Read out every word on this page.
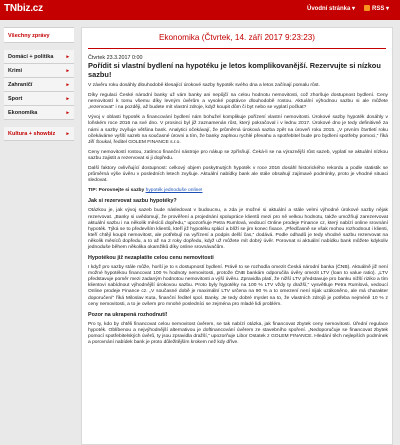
TNbiz.cz	Úvodní stránka ▾	RSS ▾
Všechny zprávy
Domácí + politika	▸
Krimi	▸
Zahraničí	▸
Sport	▸
Ekonomika	▸
Kultura + showbiz ▸
Ekonomika (Čtvrtek, 14. září 2017 9:23:23)
Čtvrtek 23.3.2017 0:00
Pořídit si vlastní bydlení na hypotéku je letos komplikovanější. Rezervujte si nízkou sazbu!

V závěru roku dosáhly dlouhodobě klesající úrokové sazby hypoték svého dna a letos začínají pomalu růst.

Díky regulaci České národní banky už vám banky ani nepůjčí na celou hodnotu nemovitosti, což zhoršuje dostupnost bydlení. Ceny nemovitostí k tomu všemu díky levným úvěrům a vysoké poptávce dlouhodobě rostou. Aktuální výhodnou sazbu si ale můžete „rezervovat“ i na později, až budete mít vlastní zdroje, když koupit dům či byt nebo se vyplatí počkat?

Vývoj v oblasti hypoték a financování bydlení nám bohužel komplikuje pořízení vlastní nemovitosti. Úrokové sazby hypoték dosáhly v loňském roce 2016 na své dno. V prosinci byl již zaznamenán růst, který pokračoval i v lednu 2017. Úrokové dno je tedy definitivně za námi a sazby zvyšuje většina bank. Analytici očekávají, že průměrná úroková sazba zpět na úroveň roku 2015. „V prvním čtvrtletí roku očekáváme vyšší sazeb na současné úrovni a tím, že banky zaplnou rychlé převahu a spotřebitel bude pro bydlení spotřeby pomoci,“ říká Jiří Šoukal, ředitel GOLEM FINANCE s.r.o.

Ceny nemovitostí rostou, zatímco finanční nástroje pro nákup se zpřísňují. Čeká-li se na výraznější růst sazeb, vyplatí se aktuální nízkou sazbu zajistit a rezervovat si ji dopředu.

Další faktory ovlivňující dostupnost: celkový objem poskytnutých hypoték v roce 2016 dosáhl historického rekordu a podle statistik se průměrná výše úvěru v posledních letech zvyšuje. Aktuální nabídky bank ale stále obsahují zajímavé podmínky, proto je vhodné situaci sledovat.

TIP: Porovnejte si sazby hypoték jednoduše online!

Jak si rezervovat sazbu hypotéky?

Otázkou je, jak vývoj sazeb bude následovat v budoucnu, a zda je možné si aktuální a stále velmi výhodné úrokové sazby nějak rezervovat. „Banky si uvědomují, že prověření a projednání spolupráce klientů mezi pro ně velkou hodnotu, takže umožňují zarezervovat aktuální sazbu i na několik měsíců dopředu,“ upozorňuje Petra Rumlová, vedoucí Online prodeje Finance cz, který nabízí online srovnání hypoték. Týká se to především klientů, kteří již hypotéku splácí a blíží se jim konec fixace. „Předčasně se však mohou rozhodnout i klienti, kteří chtějí koupit nemovitost, ale potřebují na vyřízení a podpis delší čas,“ dodává. Podle odhadů je tedy vhodné sazbu rezervovat na několik měsíců dopředu, a to až na 2 roky dopředu, když už můžete mít dobrý úvěr. Porovnat si aktuální nabídku bank můžete kdykoliv jednoduše během několika okamžiků díky online srovnávačům.

Hypotékou již nezaplatíte celou cenu nemovitosti

I když pro sazby stále může, horší je to s dostupností bydlení. Právě to se rozhodla omezit Česká národní banka (ČNB). Aktuálně již není možné hypotékou financovat 100 % hodnoty nemovitosti, protože ČNB bankám odporučila úvěry omezit LTV (loan to value ratio). „LTV představuje poměr mezi zadaným hodnotou nemovitosti a výší úvěru. Zpravidla platí, že nižší LTV představuje pro banku nižší riziko a tím klientovi nabídnout výhodnější úrokovou sazbu. Proto byly hypotéky na 100 % LTV vždy ty dražší,“ vysvětluje Petra Rumlová, vedoucí Online prodeje Finance cz. „V současné době je maximální LTV určena na 90 % a to omezení není nijak uzákoněno, ale má charakter doporučení“ říká Miloslav Kuta, finanční ředitel spol. Banky. Je tedy dobré myslet na to, že vlastních zdrojů je potřeba nejméně 10 % z ceny nemovitosti, a to je ovšem pro mnohé posledníci se zejména pro mladé lidi problém.

Pozor na ukrapená rozhodnutí!

Pro ty, kdo by chtěli financovat celou nemovitost úvěrem, se tak nabízí otázka, jak financovat zbytek ceny nemovitosti. Úřední regulace hypoték. Oblíbenou a nejvýhodnější alternativou je doftinancování úvěrem ze stavebního spoření. „Nedoporučuje se financovat zbytek pomocí spotřebitelských úvěrů, ty jsou zpravidla dražší,“ upozorňuje Libor Ostatek z GOLEM FINANCE. Hledání těch nejlepších podmínek a porovnání nabídek bank je proto důležitějším krokem než kdy dříve.
